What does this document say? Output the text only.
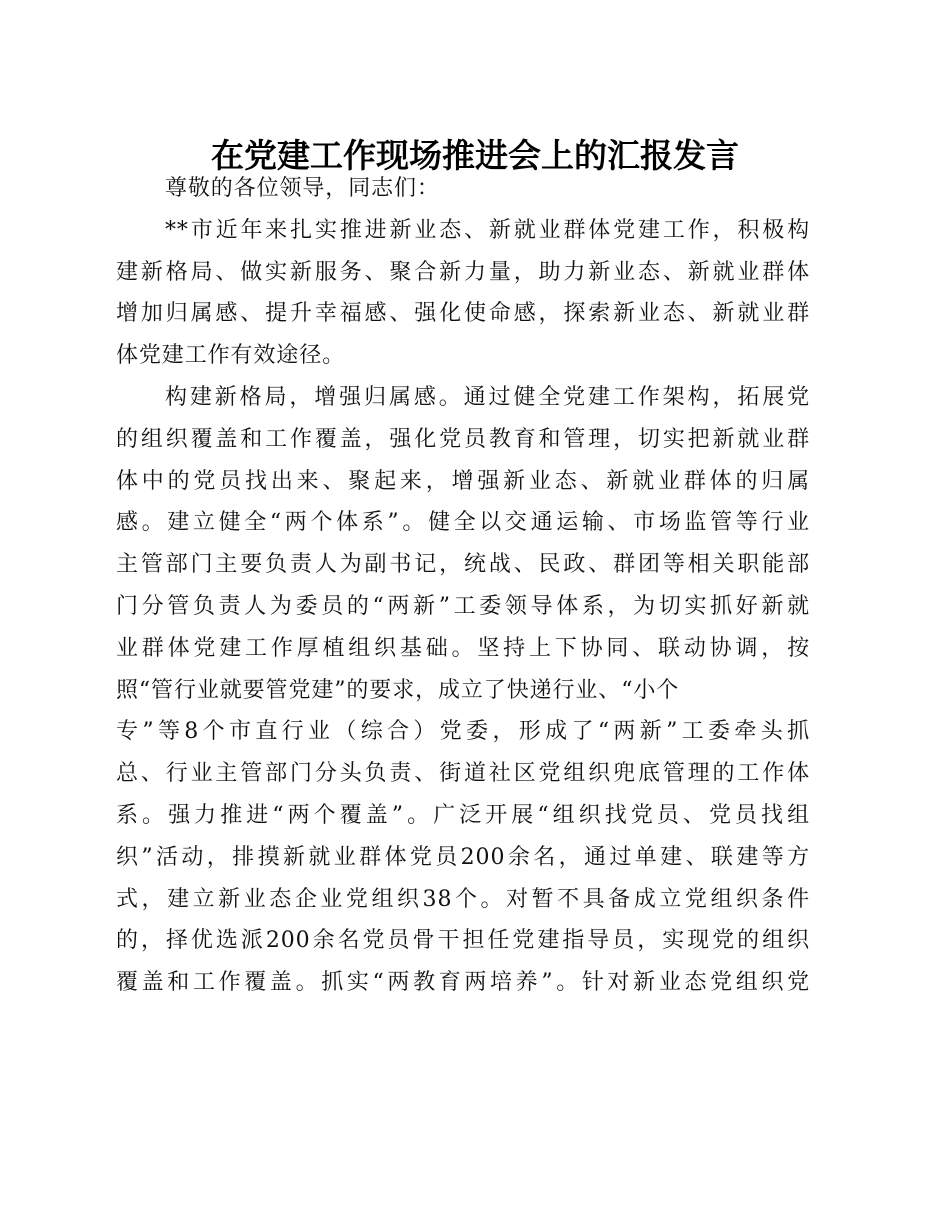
在党建工作现场推进会上的汇报发言
尊敬的各位领导，同志们：
**市近年来扎实推进新业态、新就业群体党建工作，积极构
建新格局、做实新服务、聚合新力量，助力新业态、新就业群体
增加归属感、提升幸福感、强化使命感，探索新业态、新就业群
体党建工作有效途径。
构建新格局，增强归属感。通过健全党建工作架构，拓展党
的组织覆盖和工作覆盖，强化党员教育和管理，切实把新就业群
体中的党员找出来、聚起来，增强新业态、新就业群体的归属
感。建立健全“两个体系”。健全以交通运输、市场监管等行业
主管部门主要负责人为副书记，统战、民政、群团等相关职能部
门分管负责人为委员的“两新”工委领导体系，为切实抓好新就
业群体党建工作厚植组织基础。坚持上下协同、联动协调，按
照“管行业就要管党建”的要求，成立了快递行业、“小个
专”等8个市直行业（综合）党委，形成了“两新”工委牵头抓
总、行业主管部门分头负责、街道社区党组织兜底管理的工作体
系。强力推进“两个覆盖”。广泛开展“组织找党员、党员找组
织”活动，排摸新就业群体党员200余名，通过单建、联建等方
式，建立新业态企业党组织38个。对暂不具备成立党组织条件
的，择优选派200余名党员骨干担任党建指导员，实现党的组织
覆盖和工作覆盖。抓实“两教育两培养”。针对新业态党组织党
